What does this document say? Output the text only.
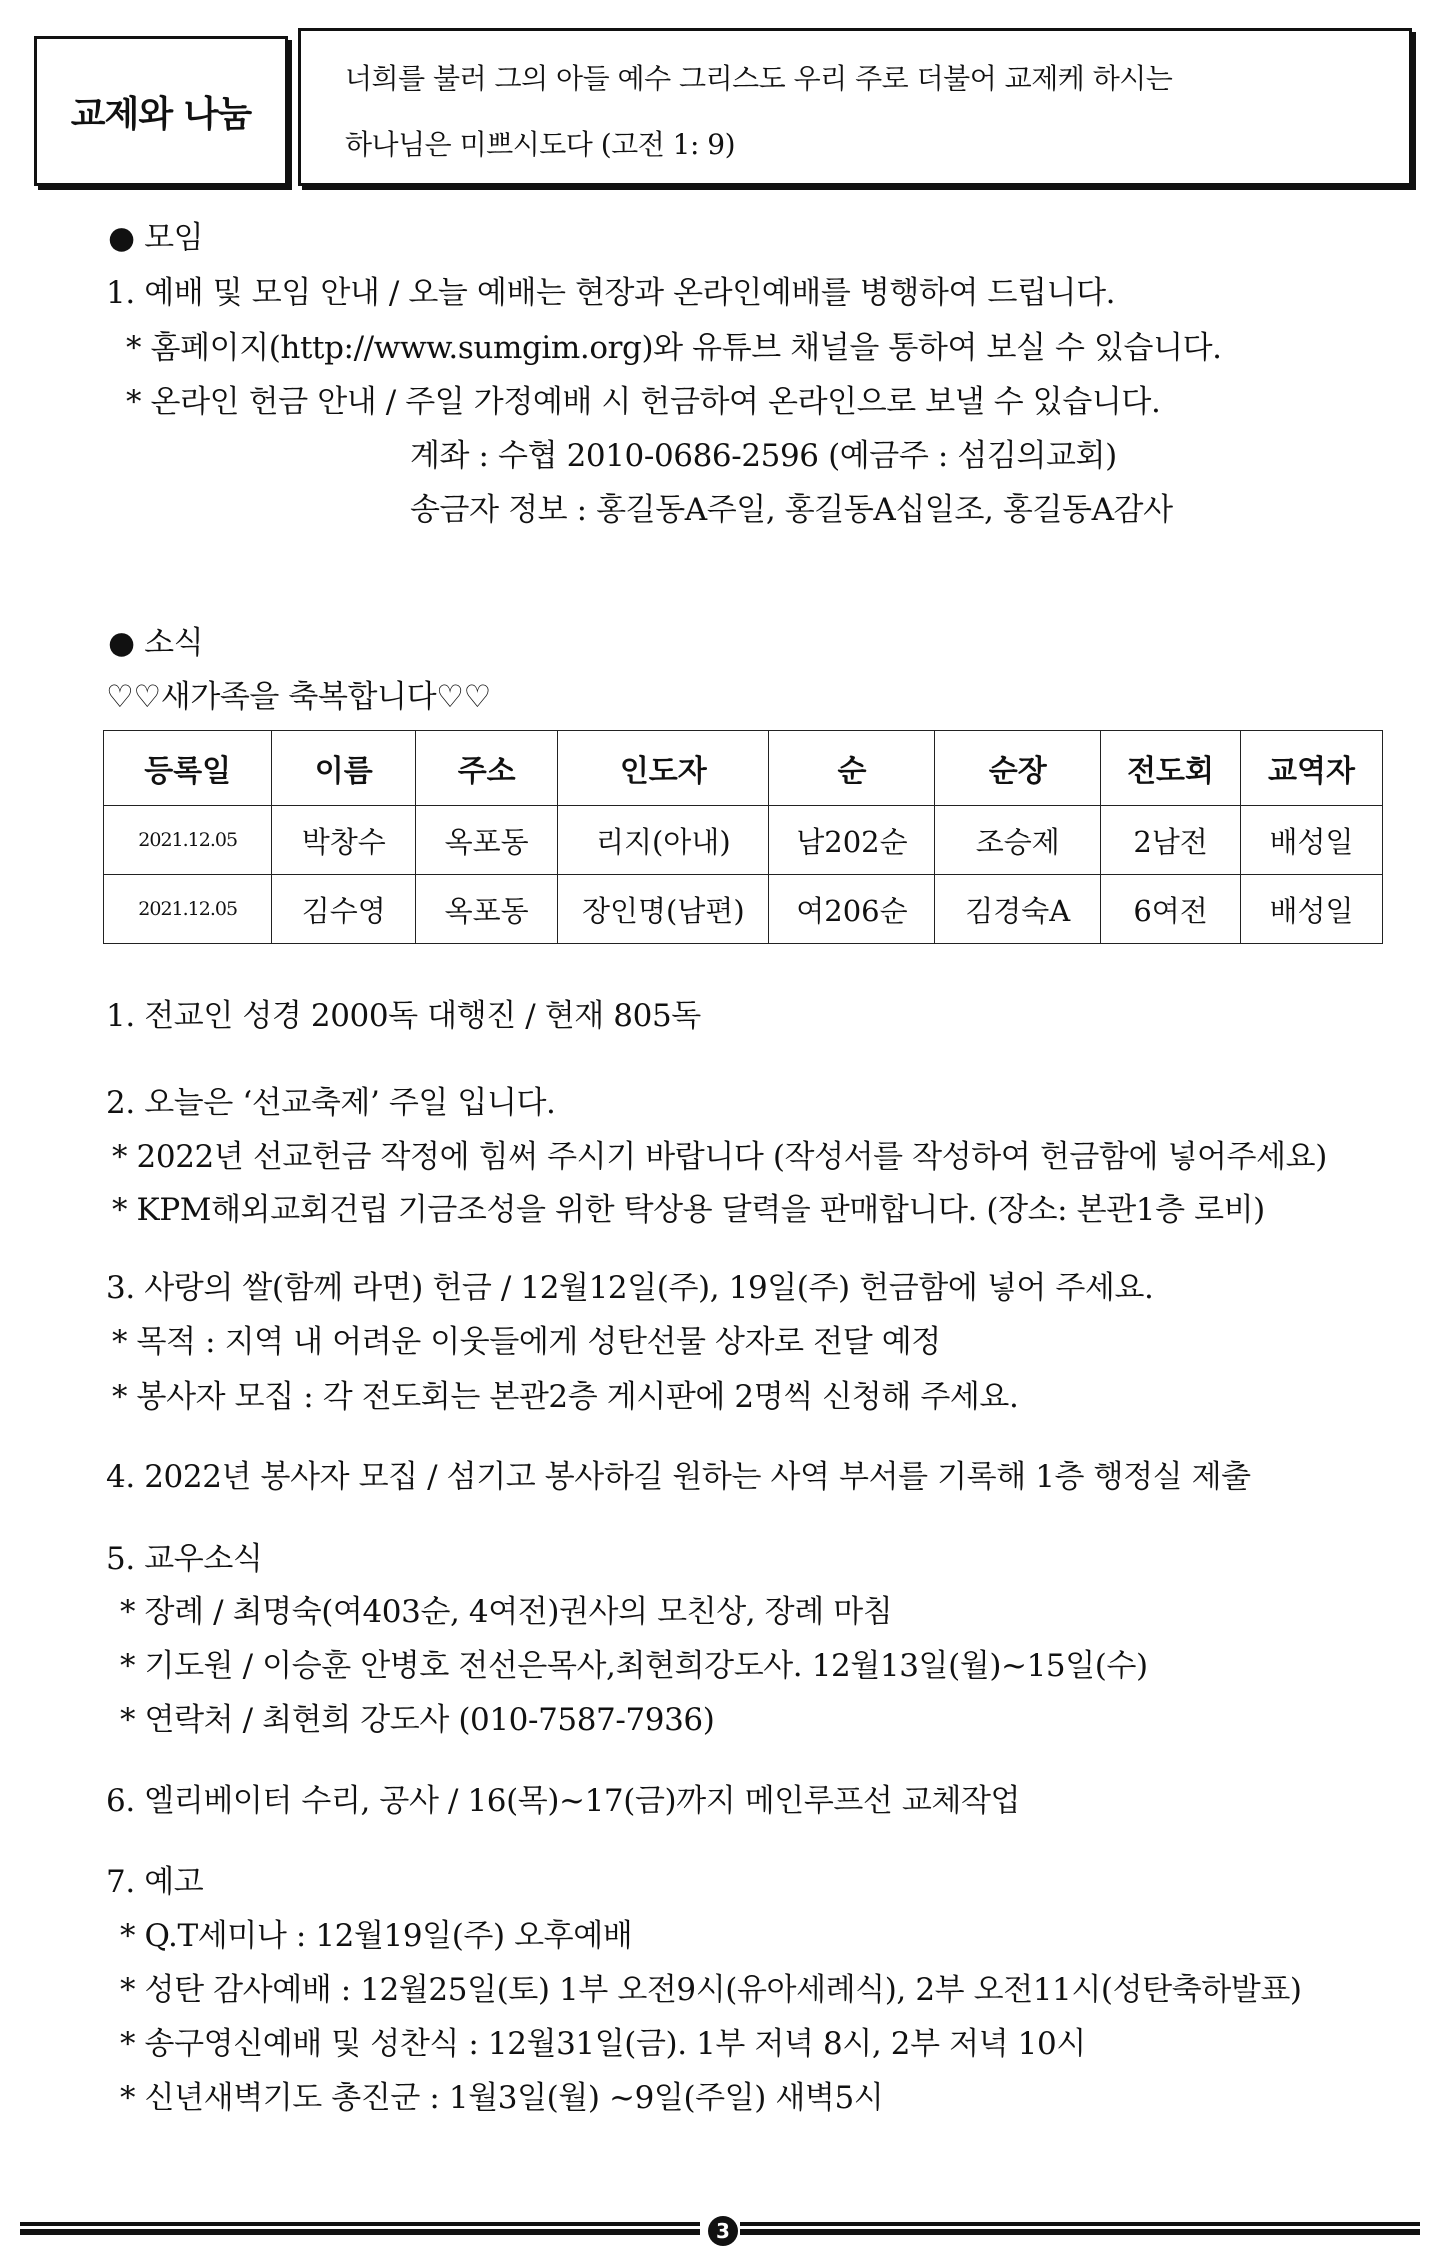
교제와 나눔
너희를 불러 그의 아들 예수 그리스도 우리 주로 더불어 교제케 하시는
하나님은 미쁘시도다 (고전 1: 9)
● 모임
1. 예배 및 모임 안내 / 오늘 예배는 현장과 온라인예배를 병행하여 드립니다.
* 홈페이지(http://www.sumgim.org)와 유튜브 채널을 통하여 보실 수 있습니다.
* 온라인 헌금 안내 / 주일 가정예배 시 헌금하여 온라인으로 보낼 수 있습니다.
계좌 : 수협 2010-0686-2596 (예금주 : 섬김의교회)
송금자 정보 : 홍길동A주일, 홍길동A십일조, 홍길동A감사
● 소식
♡♡새가족을 축복합니다♡♡
등록일	이름	주소	인도자	순	순장	전도회	교역자
2021.12.05	박창수	옥포동	리지(아내)	남202순	조승제	2남전	배성일
2021.12.05	김수영	옥포동	장인명(남편)	여206순	김경숙A	6여전	배성일
1. 전교인 성경 2000독 대행진 / 현재 805독
2. 오늘은 ‘선교축제’ 주일 입니다.
* 2022년 선교헌금 작정에 힘써 주시기 바랍니다 (작성서를 작성하여 헌금함에 넣어주세요)
* KPM해외교회건립 기금조성을 위한 탁상용 달력을 판매합니다. (장소: 본관1층 로비)
3. 사랑의 쌀(함께 라면) 헌금 / 12월12일(주), 19일(주) 헌금함에 넣어 주세요.
* 목적 : 지역 내 어려운 이웃들에게 성탄선물 상자로 전달 예정
* 봉사자 모집 : 각 전도회는 본관2층 게시판에 2명씩 신청해 주세요.
4. 2022년 봉사자 모집 / 섬기고 봉사하길 원하는 사역 부서를 기록해 1층 행정실 제출
5. 교우소식
* 장례 / 최명숙(여403순, 4여전)권사의 모친상, 장례 마침
* 기도원 / 이승훈 안병호 전선은목사,최현희강도사. 12월13일(월)~15일(수)
* 연락처 / 최현희 강도사 (010-7587-7936)
6. 엘리베이터 수리, 공사 / 16(목)~17(금)까지 메인루프선 교체작업
7. 예고
* Q.T세미나 : 12월19일(주) 오후예배
* 성탄 감사예배 : 12월25일(토) 1부 오전9시(유아세례식), 2부 오전11시(성탄축하발표)
* 송구영신예배 및 성찬식 : 12월31일(금). 1부 저녁 8시, 2부 저녁 10시
* 신년새벽기도 총진군 : 1월3일(월) ~9일(주일) 새벽5시
3
